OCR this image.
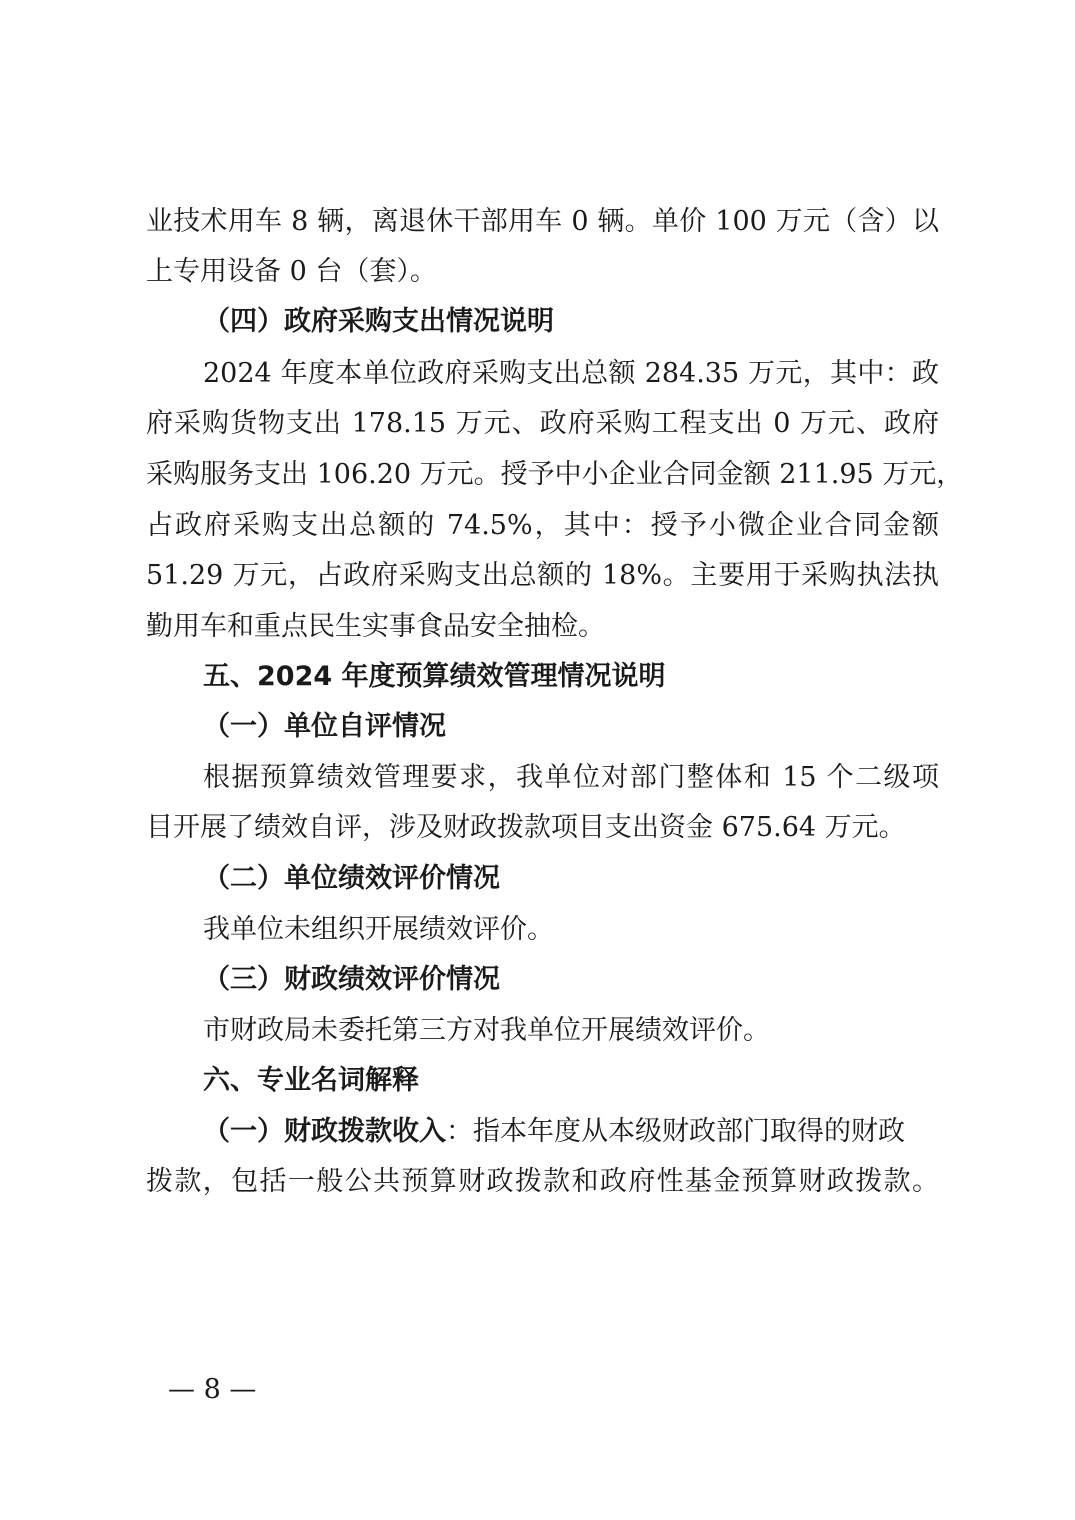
业技术用车 8 辆，离退休干部用车 0 辆。单价 100 万元（含）以

上专用设备 0 台（套）。

（四）政府采购支出情况说明

2024 年度本单位政府采购支出总额 284.35 万元，其中：政

府采购货物支出 178.15 万元、政府采购工程支出 0 万元、政府

采购服务支出 106.20 万元。授予中小企业合同金额 211.95 万元，

占政府采购支出总额的 74.5%，其中：授予小微企业合同金额

51.29 万元，占政府采购支出总额的 18%。主要用于采购执法执

勤用车和重点民生实事食品安全抽检。

五、2024 年度预算绩效管理情况说明

（一）单位自评情况

根据预算绩效管理要求，我单位对部门整体和 15 个二级项

目开展了绩效自评，涉及财政拨款项目支出资金 675.64 万元。

（二）单位绩效评价情况

我单位未组织开展绩效评价。

（三）财政绩效评价情况

市财政局未委托第三方对我单位开展绩效评价。

六、专业名词解释

（一）财政拨款收入：指本年度从本级财政部门取得的财政

拨款，包括一般公共预算财政拨款和政府性基金预算财政拨款。

— 8 —
